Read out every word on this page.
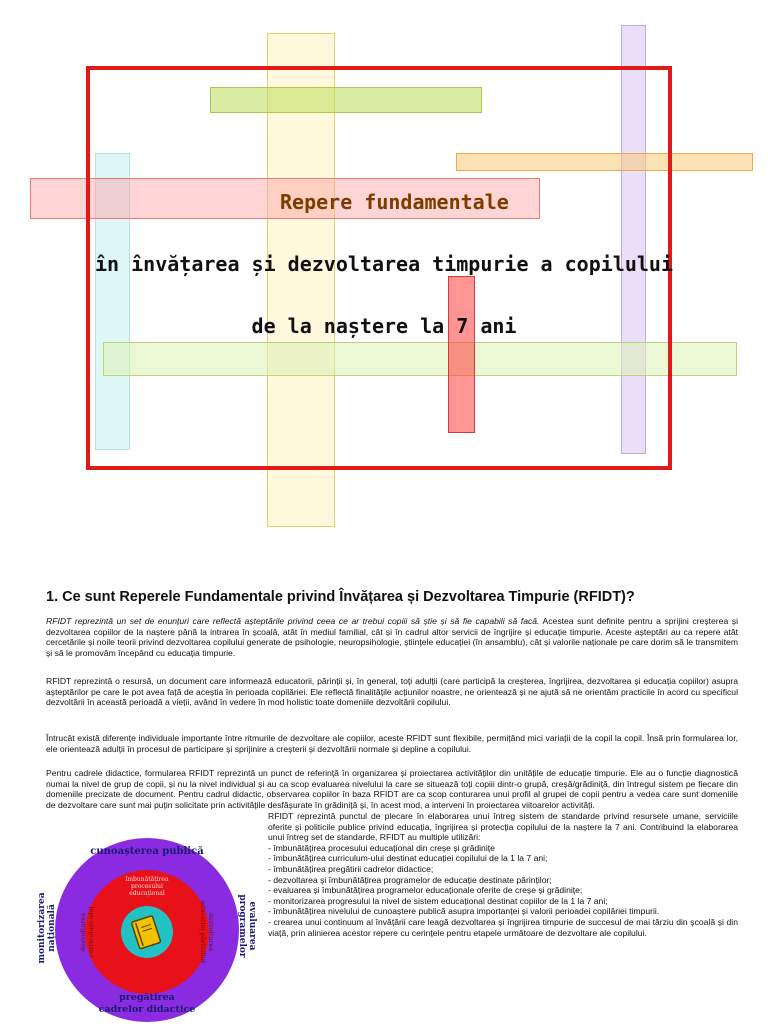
Repere fundamentale
în învățarea și dezvoltarea timpurie a copilului
de la naștere la 7 ani
1. Ce sunt Reperele Fundamentale privind Învățarea și Dezvoltarea Timpurie (RFIDT)?
RFIDT reprezintă un set de enunțuri care reflectă așteptările privind ceea ce ar trebui copiii să știe și să fie capabili să facă. Acestea sunt definite pentru a sprijini creșterea și dezvoltarea copiilor de la naștere până la intrarea în școală, atât în mediul familial, cât și în cadrul altor servicii de îngrijire și educație timpurie. Aceste așteptări au ca repere atât cercetările și noile teorii privind dezvoltarea copilului generate de psihologie, neuropsihologie, științele educației (în ansamblu), cât și valorile naționale pe care dorim să le transmitem și să le promovăm începând cu educația timpurie.
RFIDT reprezintă o resursă, un document care informează educatorii, părinții și, în general, toți adulții (care participă la creșterea, îngrijirea, dezvoltarea și educația copiilor) asupra așteptărilor pe care le pot avea față de aceștia în perioada copilăriei. Ele reflectă finalitățile acțiunilor noastre, ne orientează și ne ajută să ne orientăm practicile în acord cu specificul dezvoltării în această perioadă a vieții, având în vedere în mod holistic toate domeniile dezvoltării copilului.
Întrucât există diferențe individuale importante între ritmurile de dezvoltare ale copiilor, aceste RFIDT sunt flexibile, permițând mici variații de la copil la copil. Însă prin formularea lor, ele orientează adulții în procesul de participare și sprijinire a creșterii și dezvoltării normale și depline a copilului.
Pentru cadrele didactice, formularea RFIDT reprezintă un punct de referință în organizarea și proiectarea activităților din unitățile de educație timpurie. Ele au o funcție diagnostică numai la nivel de grup de copii, și nu la nivel individual și au ca scop evaluarea nivelului la care se situează toți copiii dintr-o grupă, creșă/grădiniță, din întregul sistem pe fiecare din domeniile precizate de document. Pentru cadrul didactic, observarea copiilor în baza RFIDT are ca scop conturarea unui profil al grupei de copii pentru a vedea care sunt domeniile de dezvoltare care sunt mai puțin solicitate prin activitățile desfășurate în grădiniță și, în acest mod, a interveni în proiectarea viitoarelor activități.
RFIDT reprezintă punctul de plecare în elaborarea unui întreg sistem de standarde privind resursele umane, serviciile oferite și politicile publice privind educația, îngrijirea și protecția copilului de la naștere la 7 ani. Contribuind la elaborarea unui întreg set de standarde, RFIDT au multiple utilizări:
- îmbunătățirea procesului educațional din creșe și grădinițe
- îmbunătățirea curriculum-ului destinat educației copilului de la 1 la 7 ani;
- îmbunătățirea pregătirii cadrelor didactice;
- dezvoltarea și îmbunătățirea programelor de educație destinate părinților;
- evaluarea și îmbunătățirea programelor educaționale oferite de creșe și grădinițe;
- monitorizarea progresului la nivel de sistem educațional destinat copiilor de la 1 la 7 ani;
- îmbunătățirea nivelului de cunoaștere publică asupra importanței și valorii perioadei copilăriei timpurii.
- crearea unui continuum al învățării care leagă dezvoltarea și îngrijirea timpurie de succesul de mai târziu din școală și din viață, prin alinierea acestor repere cu cerințele pentru etapele următoare de dezvoltare ale copilului.
cunoașterea publică
monitorizarea națională	evaluarea programelor
pregătirea
cadrelor didactice
îmbunătățirea procesului educațional
dezvoltarea curriculum-ului	dezvoltarea educației părinților
